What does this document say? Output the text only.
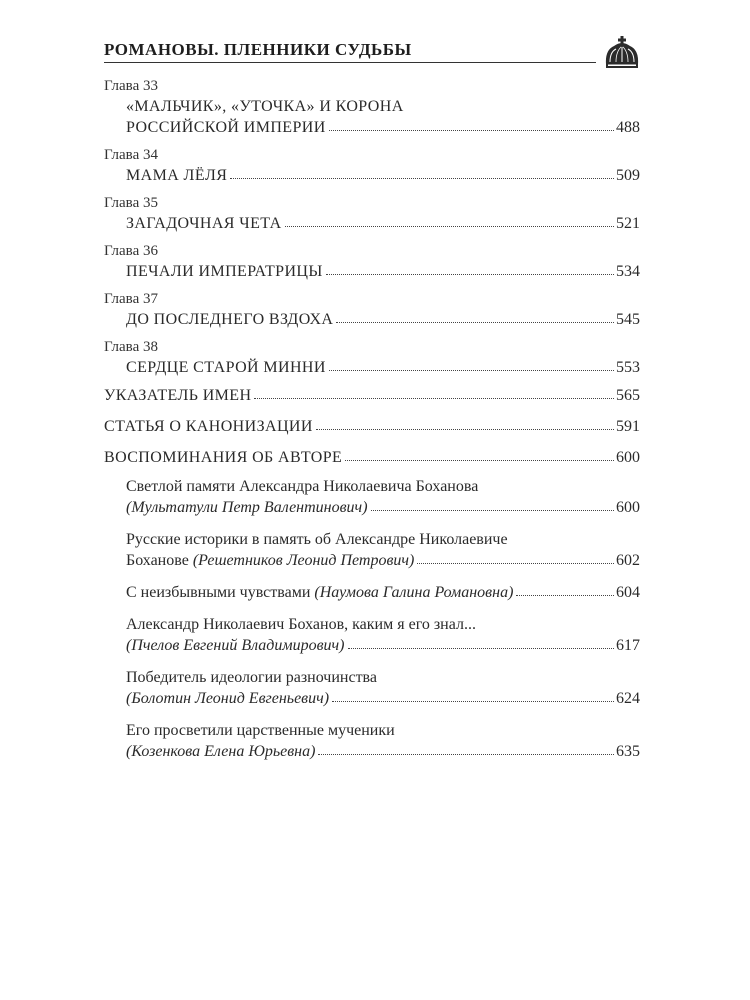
РОМАНОВЫ. ПЛЕННИКИ СУДЬБЫ
Глава 33
«МАЛЬЧИК», «УТОЧКА» И КОРОНА
РОССИЙСКОЙ ИМПЕРИИ	488
Глава 34
МАМА ЛЁЛЯ	509
Глава 35
ЗАГАДОЧНАЯ ЧЕТА	521
Глава 36
ПЕЧАЛИ ИМПЕРАТРИЦЫ	534
Глава 37
ДО ПОСЛЕДНЕГО ВЗДОХА	545
Глава 38
СЕРДЦЕ СТАРОЙ МИННИ	553
УКАЗАТЕЛЬ ИМЕН	565
СТАТЬЯ О КАНОНИЗАЦИИ	591
ВОСПОМИНАНИЯ ОБ АВТОРЕ	600
Светлой памяти Александра Николаевича Боханова
(Мультатули Петр Валентинович)	600
Русские историки в память об Александре Николаевиче
Боханове
(Решетников Леонид Петрович)	602
С неизбывными чувствами
(Наумова Галина Романовна)	604
Александр Николаевич Боханов, каким я его знал...
(Пчелов Евгений Владимирович)	617
Победитель идеологии разночинства
(Болотин Леонид Евгеньевич)	624
Его просветили царственные мученики
(Козенкова Елена Юрьевна)	635
